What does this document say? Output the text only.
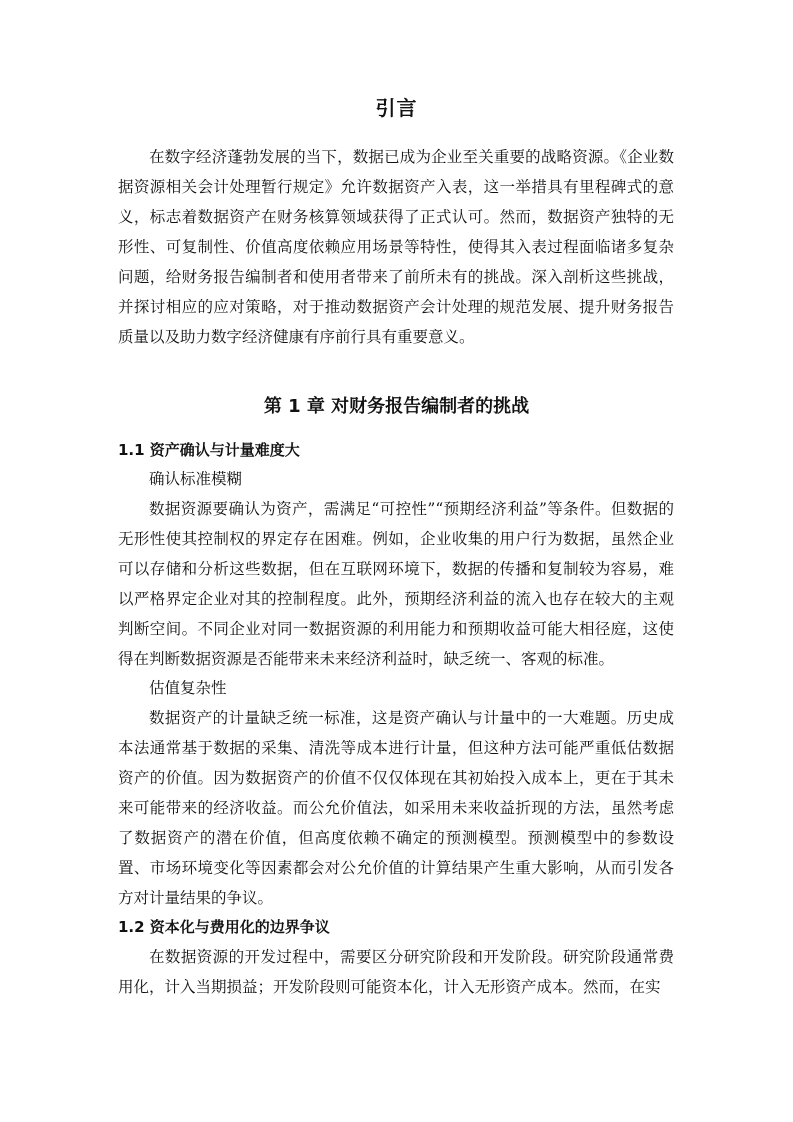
引言

在数字经济蓬勃发展的当下，数据已成为企业至关重要的战略资源。《企业数据资源相关会计处理暂行规定》允许数据资产入表，这一举措具有里程碑式的意义，标志着数据资产在财务核算领域获得了正式认可。然而，数据资产独特的无形性、可复制性、价值高度依赖应用场景等特性，使得其入表过程面临诸多复杂问题，给财务报告编制者和使用者带来了前所未有的挑战。深入剖析这些挑战，并探讨相应的应对策略，对于推动数据资产会计处理的规范发展、提升财务报告质量以及助力数字经济健康有序前行具有重要意义。

第 1 章 对财务报告编制者的挑战

1.1 资产确认与计量难度大

确认标准模糊

数据资源要确认为资产，需满足“可控性”“预期经济利益”等条件。但数据的无形性使其控制权的界定存在困难。例如，企业收集的用户行为数据，虽然企业可以存储和分析这些数据，但在互联网环境下，数据的传播和复制较为容易，难以严格界定企业对其的控制程度。此外，预期经济利益的流入也存在较大的主观判断空间。不同企业对同一数据资源的利用能力和预期收益可能大相径庭，这使得在判断数据资源是否能带来未来经济利益时，缺乏统一、客观的标准。

估值复杂性

数据资产的计量缺乏统一标准，这是资产确认与计量中的一大难题。历史成本法通常基于数据的采集、清洗等成本进行计量，但这种方法可能严重低估数据资产的价值。因为数据资产的价值不仅仅体现在其初始投入成本上，更在于其未来可能带来的经济收益。而公允价值法，如采用未来收益折现的方法，虽然考虑了数据资产的潜在价值，但高度依赖不确定的预测模型。预测模型中的参数设置、市场环境变化等因素都会对公允价值的计算结果产生重大影响，从而引发各方对计量结果的争议。

1.2 资本化与费用化的边界争议

在数据资源的开发过程中，需要区分研究阶段和开发阶段。研究阶段通常费用化，计入当期损益；开发阶段则可能资本化，计入无形资产成本。然而，在实
